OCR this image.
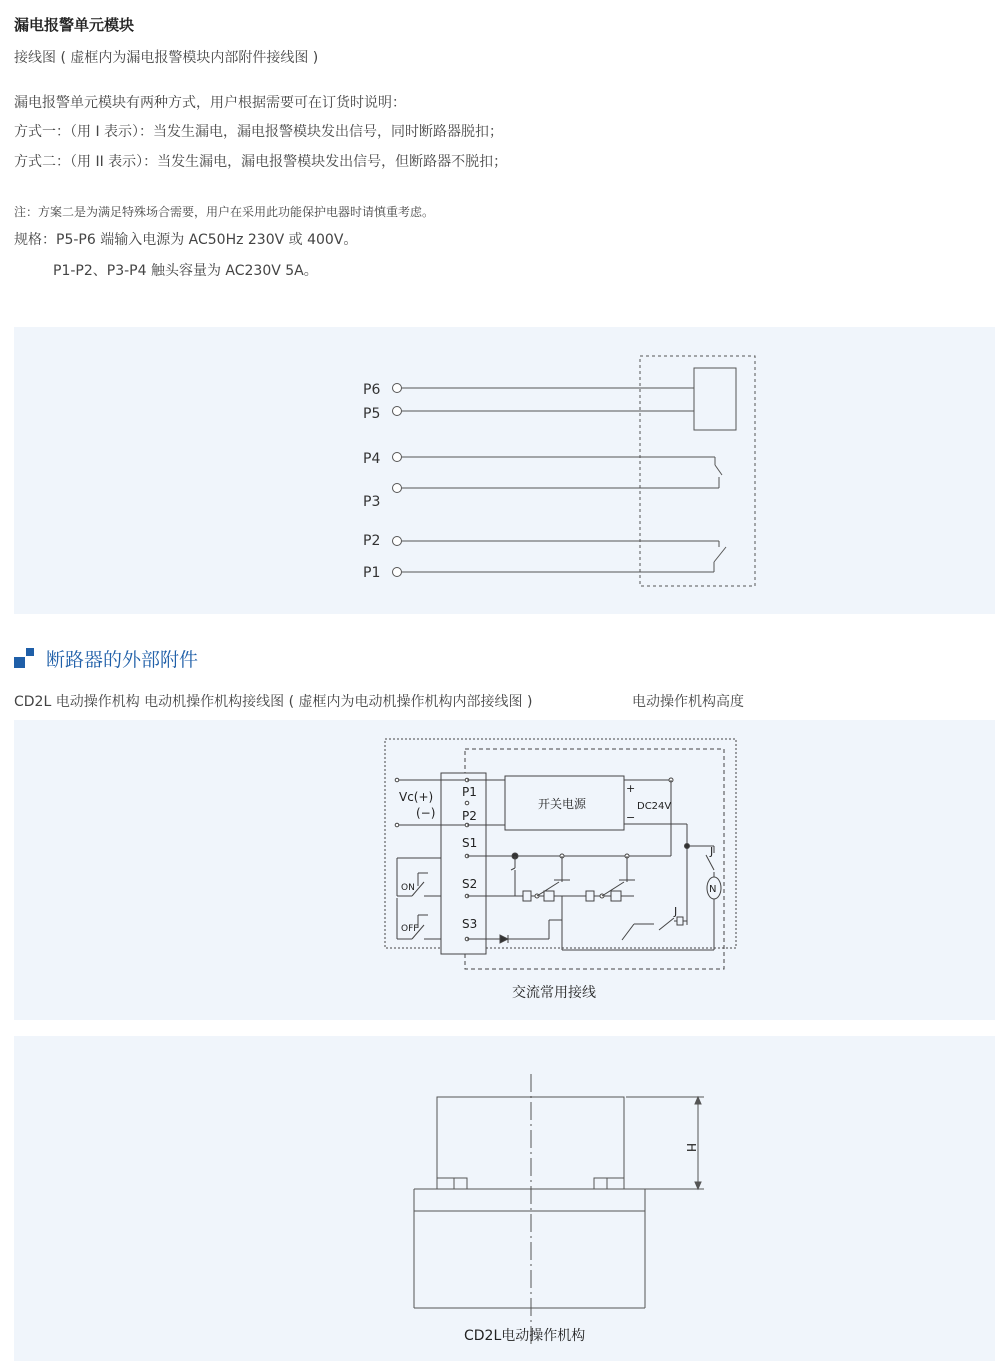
漏电报警单元模块
接线图 ( 虚框内为漏电报警模块内部附件接线图 )
漏电报警单元模块有两种方式，用户根据需要可在订货时说明：
方式一：（用 I 表示）：当发生漏电，漏电报警模块发出信号，同时断路器脱扣；
方式二：（用 II 表示）：当发生漏电，漏电报警模块发出信号，但断路器不脱扣；
注：方案二是为满足特殊场合需要，用户在采用此功能保护电器时请慎重考虑。
规格：P5-P6 端输入电源为 AC50Hz 230V 或 400V。
P1-P2、P3-P4 触头容量为 AC230V 5A。
P6
P5
P4
P3
P2
P1
断路器的外部附件
CD2L 电动操作机构 电动机操作机构接线图 ( 虚框内为电动机操作机构内部接线图 )	电动操作机构高度
Vc(+)
(−)
P1
P2
S1
S2
S3
开关电源
+
−
DC24V
J
J
N
ON
OFF
交流常用接线
H
CD2L电动操作机构
